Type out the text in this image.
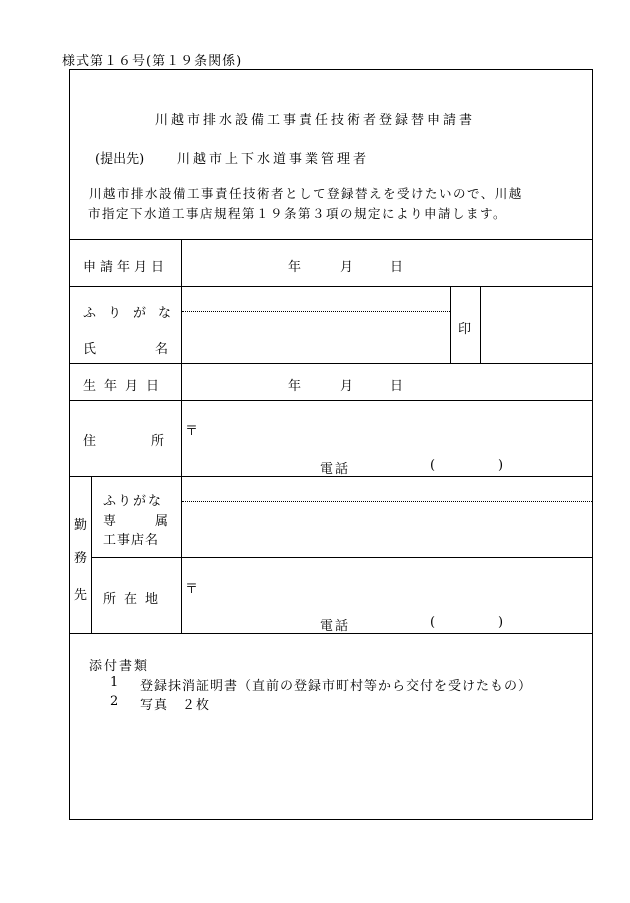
様式第１６号(第１９条関係)
川越市排水設備工事責任技術者登録替申請書
(提出先)	川越市上下水道事業管理者
川越市排水設備工事責任技術者として登録替えを受けたいので、川越
市指定下水道工事店規程第１９条第３項の規定により申請します。
申請年月日	年	月	日
ふりがな
氏	名
印
生年月日	年	月	日
住	所
〒
電話	(	)
勤
務
先
ふりがな
専	属
工事店名
所在地
〒
電話	(	)
添付書類
1 登録抹消証明書（直前の登録市町村等から交付を受けたもの）
2 写真　２枚
